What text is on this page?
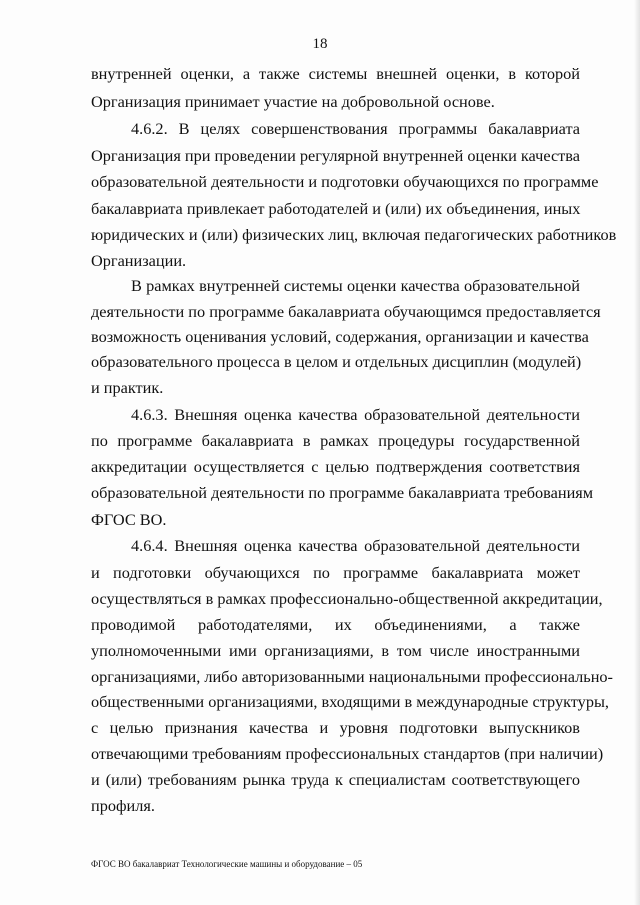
18
внутренней оценки, а также системы внешней оценки, в которой
Организация принимает участие на добровольной основе.
4.6.2. В целях совершенствования программы бакалавриата
Организация при проведении регулярной внутренней оценки качества
образовательной деятельности и подготовки обучающихся по программе
бакалавриата привлекает работодателей и (или) их объединения, иных
юридических и (или) физических лиц, включая педагогических работников
Организации.
В рамках внутренней системы оценки качества образовательной
деятельности по программе бакалавриата обучающимся предоставляется
возможность оценивания условий, содержания, организации и качества
образовательного процесса в целом и отдельных дисциплин (модулей)
и практик.
4.6.3. Внешняя оценка качества образовательной деятельности
по программе бакалавриата в рамках процедуры государственной
аккредитации осуществляется с целью подтверждения соответствия
образовательной деятельности по программе бакалавриата требованиям
ФГОС ВО.
4.6.4. Внешняя оценка качества образовательной деятельности
и подготовки обучающихся по программе бакалавриата может
осуществляться в рамках профессионально-общественной аккредитации,
проводимой работодателями, их объединениями, а также
уполномоченными ими организациями, в том числе иностранными
организациями, либо авторизованными национальными профессионально-
общественными организациями, входящими в международные структуры,
с целью признания качества и уровня подготовки выпускников
отвечающими требованиям профессиональных стандартов (при наличии)
и (или) требованиям рынка труда к специалистам соответствующего
профиля.
ФГОС ВО бакалавриат Технологические машины и оборудование – 05
